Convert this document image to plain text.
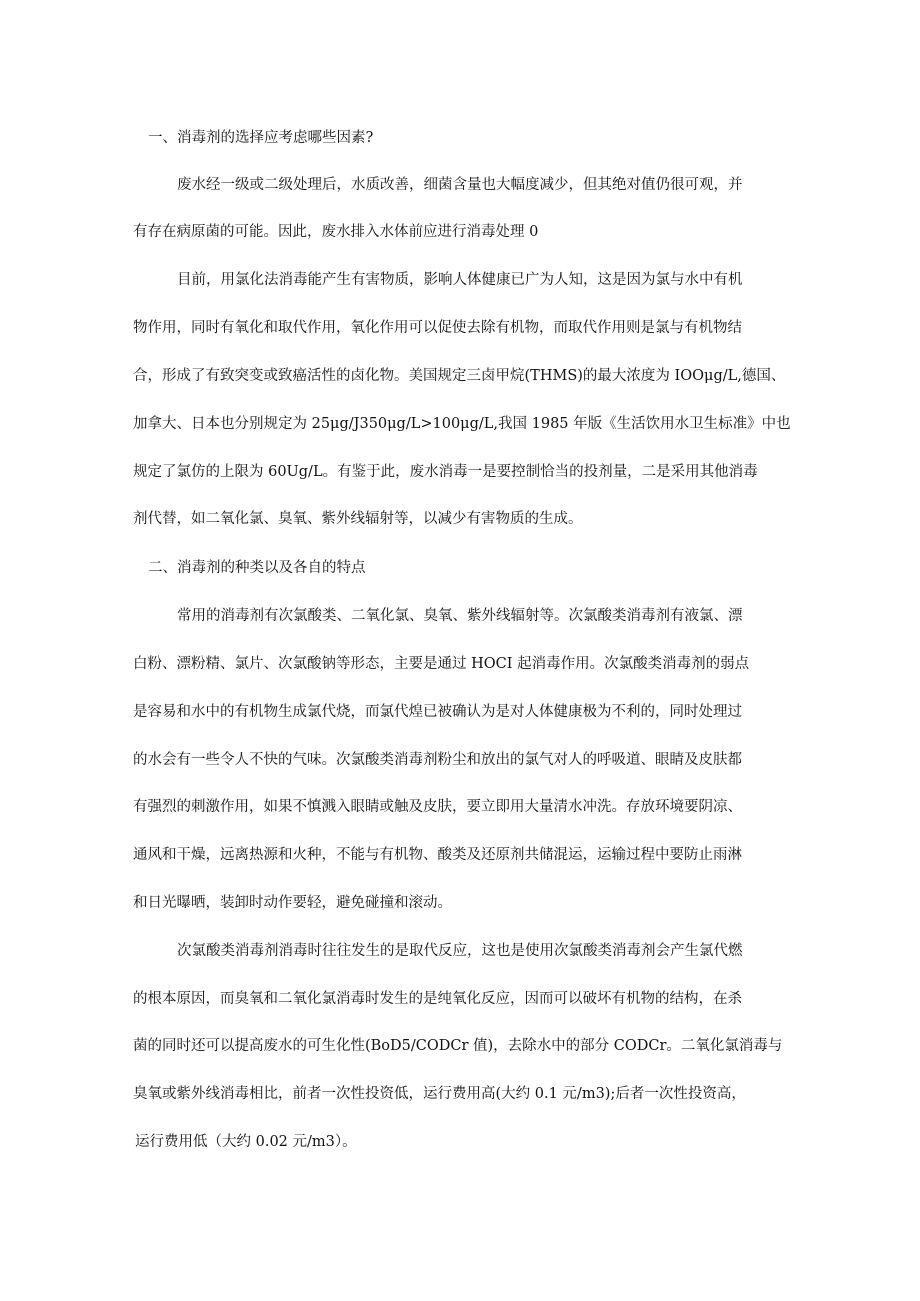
一、消毒剂的选择应考虑哪些因素?
废水经一级或二级处理后，水质改善，细菌含量也大幅度减少，但其绝对值仍很可观，并
有存在病原菌的可能。因此，废水排入水体前应进行消毒处理 0
目前，用氯化法消毒能产生有害物质，影响人体健康已广为人知，这是因为氯与水中有机
物作用，同时有氧化和取代作用，氧化作用可以促使去除有机物，而取代作用则是氯与有机物结
合，形成了有致突变或致癌活性的卤化物。美国规定三卤甲烷(THMS)的最大浓度为 IOOμg/L,德国、
加拿大、日本也分别规定为 25μg/J350μg/L>100μg/L,我国 1985 年版《生活饮用水卫生标准》中也
规定了氯仿的上限为 60Ug/L。有鉴于此，废水消毒一是要控制恰当的投剂量，二是采用其他消毒
剂代替，如二氧化氯、臭氧、紫外线辐射等，以减少有害物质的生成。
二、消毒剂的种类以及各自的特点
常用的消毒剂有次氯酸类、二氧化氯、臭氧、紫外线辐射等。次氯酸类消毒剂有液氯、漂
白粉、漂粉精、氯片、次氯酸钠等形态，主要是通过 HOCI 起消毒作用。次氯酸类消毒剂的弱点
是容易和水中的有机物生成氯代烧，而氯代煌已被确认为是对人体健康极为不利的，同时处理过
的水会有一些令人不快的气味。次氯酸类消毒剂粉尘和放出的氯气对人的呼吸道、眼睛及皮肤都
有强烈的刺激作用，如果不慎溅入眼睛或触及皮肤，要立即用大量清水冲洗。存放环境要阴凉、
通风和干燥，远离热源和火种，不能与有机物、酸类及还原剂共储混运，运输过程中要防止雨淋
和日光曝晒，装卸时动作要轻，避免碰撞和滚动。
次氯酸类消毒剂消毒时往往发生的是取代反应，这也是使用次氯酸类消毒剂会产生氯代燃
的根本原因，而臭氧和二氧化氯消毒时发生的是纯氧化反应，因而可以破坏有机物的结构，在杀
菌的同时还可以提高废水的可生化性(BoD5/CODCr 值)，去除水中的部分 CODCr。二氧化氯消毒与
臭氧或紫外线消毒相比，前者一次性投资低，运行费用高(大约 0.1 元/m3);后者一次性投资高，
运行费用低（大约 0.02 元/m3）。
